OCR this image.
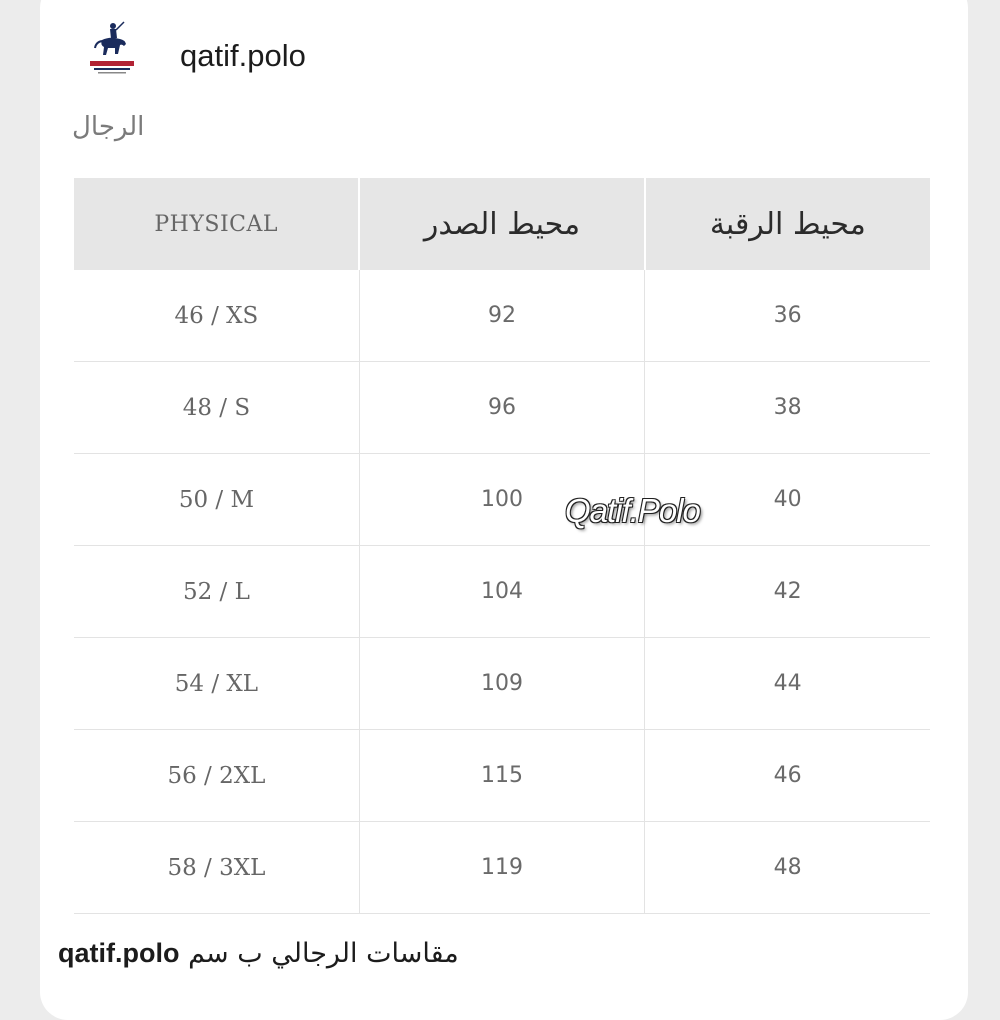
qatif.polo
الرجال
PHYSICAL	محيط الصدر	محيط الرقبة
46 / XS	92	36
48 / S	96	38
50 / M	100	40
52 / L	104	42
54 / XL	109	44
56 / 2XL	115	46
58 / 3XL	119	48
Qatif.Polo
qatif.polo مقاسات الرجالي ب سم
